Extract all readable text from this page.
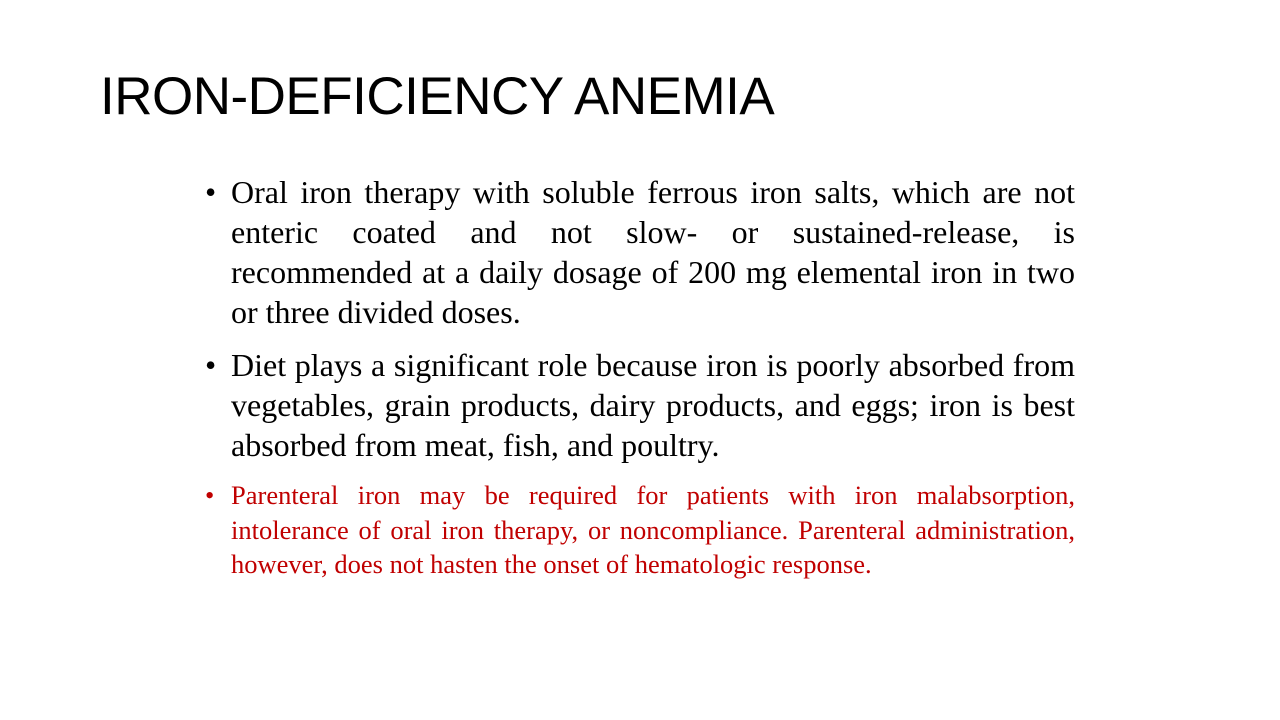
IRON-DEFICIENCY ANEMIA
• Oral iron therapy with soluble ferrous iron salts, which are not enteric coated and not slow- or sustained-release, is recommended at a daily dosage of 200 mg elemental iron in two or three divided doses.
• Diet plays a significant role because iron is poorly absorbed from vegetables, grain products, dairy products, and eggs; iron is best absorbed from meat, fish, and poultry.
• Parenteral iron may be required for patients with iron malabsorption, intolerance of oral iron therapy, or noncompliance. Parenteral administration, however, does not hasten the onset of hematologic response.
